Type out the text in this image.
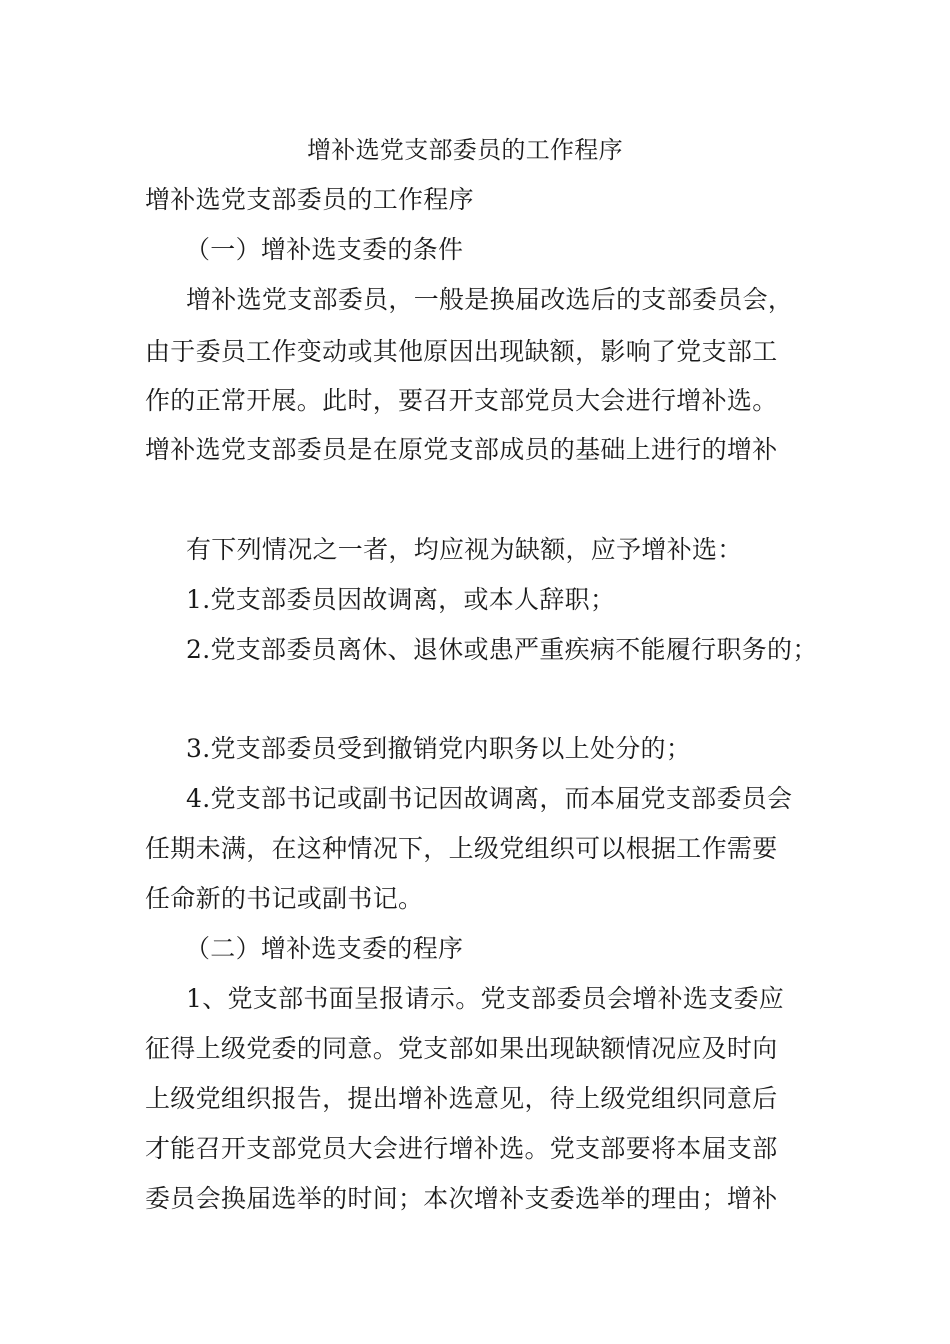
增补选党支部委员的工作程序
增补选党支部委员的工作程序
（一）增补选支委的条件
增补选党支部委员，一般是换届改选后的支部委员会，
由于委员工作变动或其他原因出现缺额，影响了党支部工
作的正常开展。此时，要召开支部党员大会进行增补选。
增补选党支部委员是在原党支部成员的基础上进行的增补
有下列情况之一者，均应视为缺额，应予增补选：
1.党支部委员因故调离，或本人辞职；
2.党支部委员离休、退休或患严重疾病不能履行职务的；
3.党支部委员受到撤销党内职务以上处分的；
4.党支部书记或副书记因故调离，而本届党支部委员会
任期未满，在这种情况下，上级党组织可以根据工作需要
任命新的书记或副书记。
（二）增补选支委的程序
1、党支部书面呈报请示。党支部委员会增补选支委应
征得上级党委的同意。党支部如果出现缺额情况应及时向
上级党组织报告，提出增补选意见，待上级党组织同意后
才能召开支部党员大会进行增补选。党支部要将本届支部
委员会换届选举的时间；本次增补支委选举的理由；增补
